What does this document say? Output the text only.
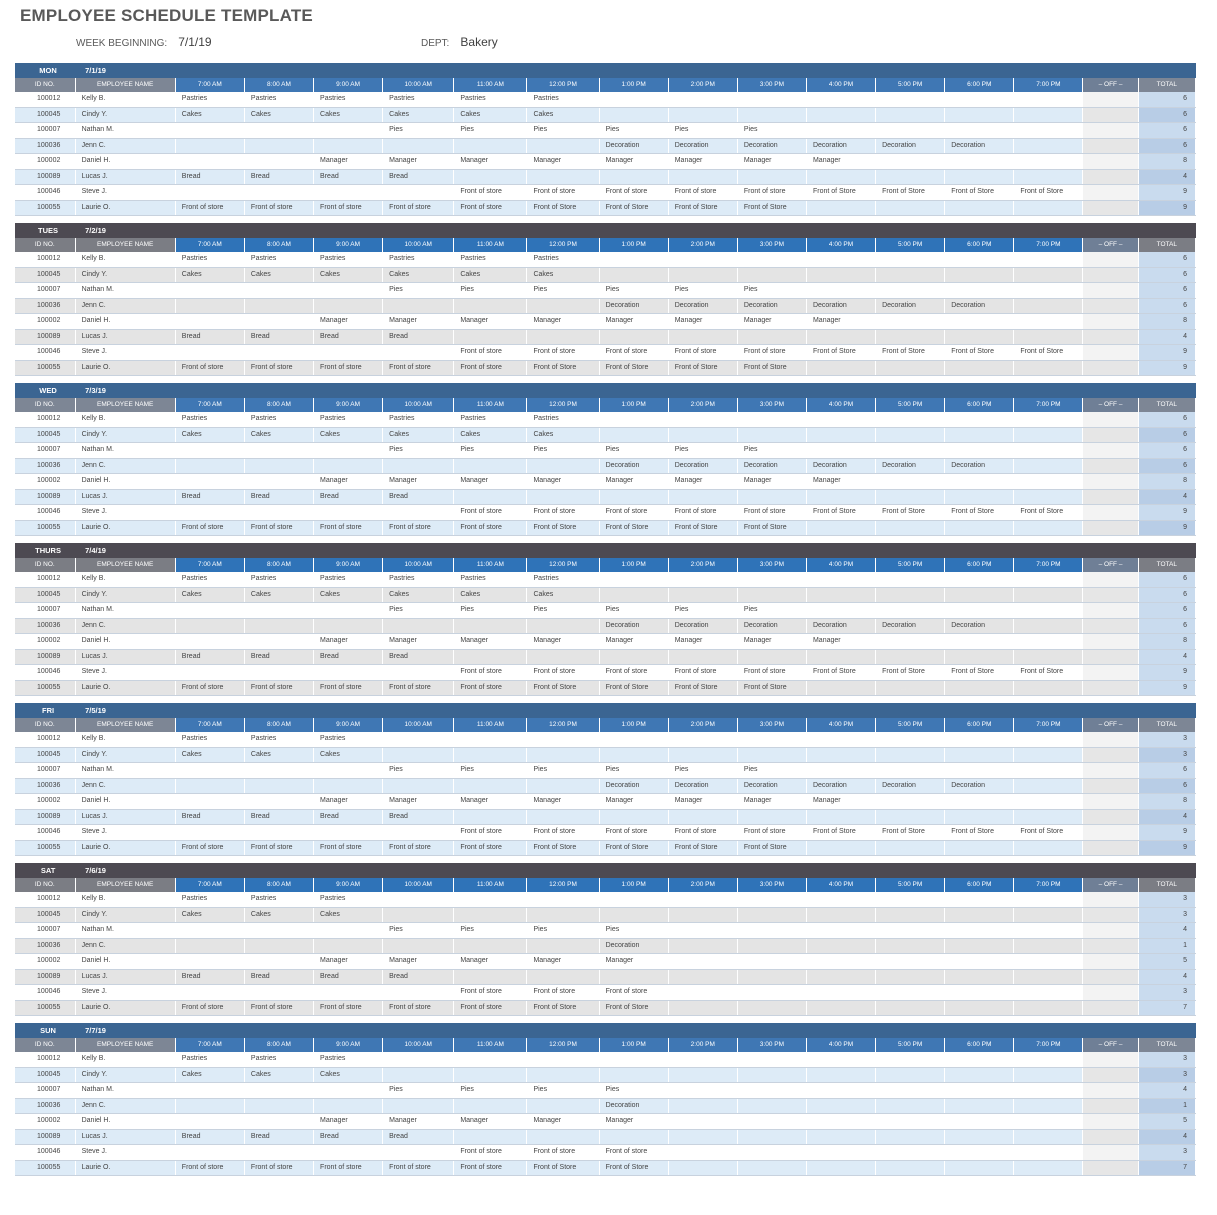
EMPLOYEE SCHEDULE TEMPLATE
WEEK BEGINNING: 7/1/19	DEPT: Bakery
MON	7/1/19															
ID NO.	EMPLOYEE NAME	7:00 AM	8:00 AM	9:00 AM	10:00 AM	11:00 AM	12:00 PM	1:00 PM	2:00 PM	3:00 PM	4:00 PM	5:00 PM	6:00 PM	7:00 PM	– OFF –	TOTAL
100012	Kelly B.	Pastries	Pastries	Pastries	Pastries	Pastries	Pastries									6
100045	Cindy Y.	Cakes	Cakes	Cakes	Cakes	Cakes	Cakes									6
100007	Nathan M.				Pies	Pies	Pies	Pies	Pies	Pies						6
100036	Jenn C.							Decoration	Decoration	Decoration	Decoration	Decoration	Decoration			6
100002	Daniel H.			Manager	Manager	Manager	Manager	Manager	Manager	Manager	Manager					8
100089	Lucas J.	Bread	Bread	Bread	Bread											4
100046	Steve J.					Front of store	Front of store	Front of store	Front of store	Front of store	Front of Store	Front of Store	Front of Store	Front of Store		9
100055	Laurie O.	Front of store	Front of store	Front of store	Front of store	Front of store	Front of Store	Front of Store	Front of Store	Front of Store						9
TUES	7/2/19															
ID NO.	EMPLOYEE NAME	7:00 AM	8:00 AM	9:00 AM	10:00 AM	11:00 AM	12:00 PM	1:00 PM	2:00 PM	3:00 PM	4:00 PM	5:00 PM	6:00 PM	7:00 PM	– OFF –	TOTAL
100012	Kelly B.	Pastries	Pastries	Pastries	Pastries	Pastries	Pastries									6
100045	Cindy Y.	Cakes	Cakes	Cakes	Cakes	Cakes	Cakes									6
100007	Nathan M.				Pies	Pies	Pies	Pies	Pies	Pies						6
100036	Jenn C.							Decoration	Decoration	Decoration	Decoration	Decoration	Decoration			6
100002	Daniel H.			Manager	Manager	Manager	Manager	Manager	Manager	Manager	Manager					8
100089	Lucas J.	Bread	Bread	Bread	Bread											4
100046	Steve J.					Front of store	Front of store	Front of store	Front of store	Front of store	Front of Store	Front of Store	Front of Store	Front of Store		9
100055	Laurie O.	Front of store	Front of store	Front of store	Front of store	Front of store	Front of Store	Front of Store	Front of Store	Front of Store						9
WED	7/3/19															
ID NO.	EMPLOYEE NAME	7:00 AM	8:00 AM	9:00 AM	10:00 AM	11:00 AM	12:00 PM	1:00 PM	2:00 PM	3:00 PM	4:00 PM	5:00 PM	6:00 PM	7:00 PM	– OFF –	TOTAL
100012	Kelly B.	Pastries	Pastries	Pastries	Pastries	Pastries	Pastries									6
100045	Cindy Y.	Cakes	Cakes	Cakes	Cakes	Cakes	Cakes									6
100007	Nathan M.				Pies	Pies	Pies	Pies	Pies	Pies						6
100036	Jenn C.							Decoration	Decoration	Decoration	Decoration	Decoration	Decoration			6
100002	Daniel H.			Manager	Manager	Manager	Manager	Manager	Manager	Manager	Manager					8
100089	Lucas J.	Bread	Bread	Bread	Bread											4
100046	Steve J.					Front of store	Front of store	Front of store	Front of store	Front of store	Front of Store	Front of Store	Front of Store	Front of Store		9
100055	Laurie O.	Front of store	Front of store	Front of store	Front of store	Front of store	Front of Store	Front of Store	Front of Store	Front of Store						9
THURS	7/4/19															
ID NO.	EMPLOYEE NAME	7:00 AM	8:00 AM	9:00 AM	10:00 AM	11:00 AM	12:00 PM	1:00 PM	2:00 PM	3:00 PM	4:00 PM	5:00 PM	6:00 PM	7:00 PM	– OFF –	TOTAL
100012	Kelly B.	Pastries	Pastries	Pastries	Pastries	Pastries	Pastries									6
100045	Cindy Y.	Cakes	Cakes	Cakes	Cakes	Cakes	Cakes									6
100007	Nathan M.				Pies	Pies	Pies	Pies	Pies	Pies						6
100036	Jenn C.							Decoration	Decoration	Decoration	Decoration	Decoration	Decoration			6
100002	Daniel H.			Manager	Manager	Manager	Manager	Manager	Manager	Manager	Manager					8
100089	Lucas J.	Bread	Bread	Bread	Bread											4
100046	Steve J.					Front of store	Front of store	Front of store	Front of store	Front of store	Front of Store	Front of Store	Front of Store	Front of Store		9
100055	Laurie O.	Front of store	Front of store	Front of store	Front of store	Front of store	Front of Store	Front of Store	Front of Store	Front of Store						9
FRI	7/5/19															
ID NO.	EMPLOYEE NAME	7:00 AM	8:00 AM	9:00 AM	10:00 AM	11:00 AM	12:00 PM	1:00 PM	2:00 PM	3:00 PM	4:00 PM	5:00 PM	6:00 PM	7:00 PM	– OFF –	TOTAL
100012	Kelly B.	Pastries	Pastries	Pastries												3
100045	Cindy Y.	Cakes	Cakes	Cakes												3
100007	Nathan M.				Pies	Pies	Pies	Pies	Pies	Pies						6
100036	Jenn C.							Decoration	Decoration	Decoration	Decoration	Decoration	Decoration			6
100002	Daniel H.			Manager	Manager	Manager	Manager	Manager	Manager	Manager	Manager					8
100089	Lucas J.	Bread	Bread	Bread	Bread											4
100046	Steve J.					Front of store	Front of store	Front of store	Front of store	Front of store	Front of Store	Front of Store	Front of Store	Front of Store		9
100055	Laurie O.	Front of store	Front of store	Front of store	Front of store	Front of store	Front of Store	Front of Store	Front of Store	Front of Store						9
SAT	7/6/19															
ID NO.	EMPLOYEE NAME	7:00 AM	8:00 AM	9:00 AM	10:00 AM	11:00 AM	12:00 PM	1:00 PM	2:00 PM	3:00 PM	4:00 PM	5:00 PM	6:00 PM	7:00 PM	– OFF –	TOTAL
100012	Kelly B.	Pastries	Pastries	Pastries												3
100045	Cindy Y.	Cakes	Cakes	Cakes												3
100007	Nathan M.				Pies	Pies	Pies	Pies								4
100036	Jenn C.							Decoration								1
100002	Daniel H.			Manager	Manager	Manager	Manager	Manager								5
100089	Lucas J.	Bread	Bread	Bread	Bread											4
100046	Steve J.					Front of store	Front of store	Front of store								3
100055	Laurie O.	Front of store	Front of store	Front of store	Front of store	Front of store	Front of Store	Front of Store								7
SUN	7/7/19															
ID NO.	EMPLOYEE NAME	7:00 AM	8:00 AM	9:00 AM	10:00 AM	11:00 AM	12:00 PM	1:00 PM	2:00 PM	3:00 PM	4:00 PM	5:00 PM	6:00 PM	7:00 PM	– OFF –	TOTAL
100012	Kelly B.	Pastries	Pastries	Pastries												3
100045	Cindy Y.	Cakes	Cakes	Cakes												3
100007	Nathan M.				Pies	Pies	Pies	Pies								4
100036	Jenn C.							Decoration								1
100002	Daniel H.			Manager	Manager	Manager	Manager	Manager								5
100089	Lucas J.	Bread	Bread	Bread	Bread											4
100046	Steve J.					Front of store	Front of store	Front of store								3
100055	Laurie O.	Front of store	Front of store	Front of store	Front of store	Front of store	Front of Store	Front of Store								7
